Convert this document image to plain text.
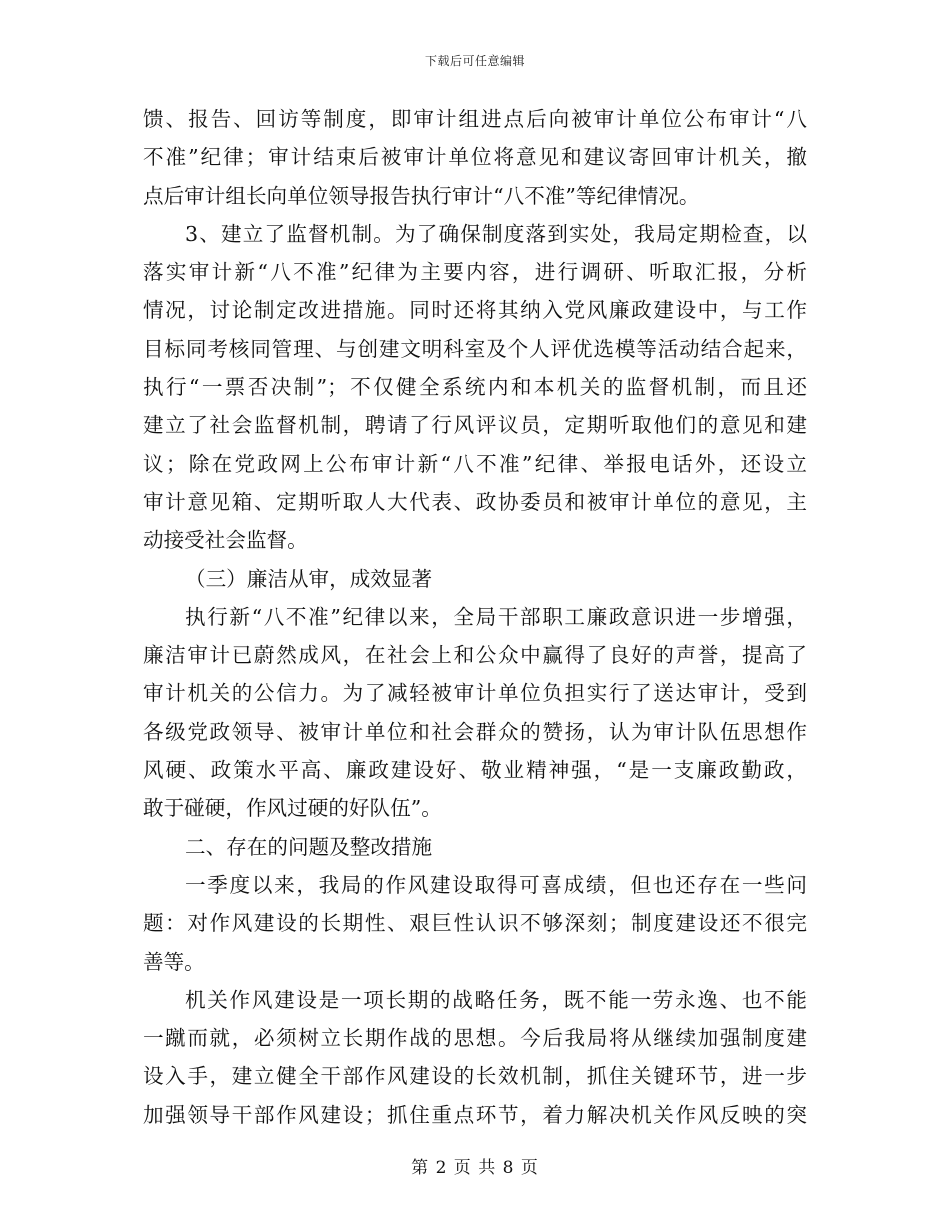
下载后可任意编辑
馈、报告、回访等制度，即审计组进点后向被审计单位公布审计“八
不准”纪律；审计结束后被审计单位将意见和建议寄回审计机关，撤
点后审计组长向单位领导报告执行审计“八不准”等纪律情况。
3、建立了监督机制。为了确保制度落到实处，我局定期检查，以
落实审计新“八不准”纪律为主要内容，进行调研、听取汇报，分析
情况，讨论制定改进措施。同时还将其纳入党风廉政建设中，与工作
目标同考核同管理、与创建文明科室及个人评优选模等活动结合起来，
执行“一票否决制”；不仅健全系统内和本机关的监督机制，而且还
建立了社会监督机制，聘请了行风评议员，定期听取他们的意见和建
议；除在党政网上公布审计新“八不准”纪律、举报电话外，还设立
审计意见箱、定期听取人大代表、政协委员和被审计单位的意见，主
动接受社会监督。
（三）廉洁从审，成效显著
执行新“八不准”纪律以来，全局干部职工廉政意识进一步增强，
廉洁审计已蔚然成风，在社会上和公众中赢得了良好的声誉，提高了
审计机关的公信力。为了减轻被审计单位负担实行了送达审计，受到
各级党政领导、被审计单位和社会群众的赞扬，认为审计队伍思想作
风硬、政策水平高、廉政建设好、敬业精神强，“是一支廉政勤政，
敢于碰硬，作风过硬的好队伍”。
二、存在的问题及整改措施
一季度以来，我局的作风建设取得可喜成绩，但也还存在一些问
题：对作风建设的长期性、艰巨性认识不够深刻；制度建设还不很完
善等。
机关作风建设是一项长期的战略任务，既不能一劳永逸、也不能
一蹴而就，必须树立长期作战的思想。今后我局将从继续加强制度建
设入手，建立健全干部作风建设的长效机制，抓住关键环节，进一步
加强领导干部作风建设；抓住重点环节，着力解决机关作风反映的突
第 2 页 共 8 页
